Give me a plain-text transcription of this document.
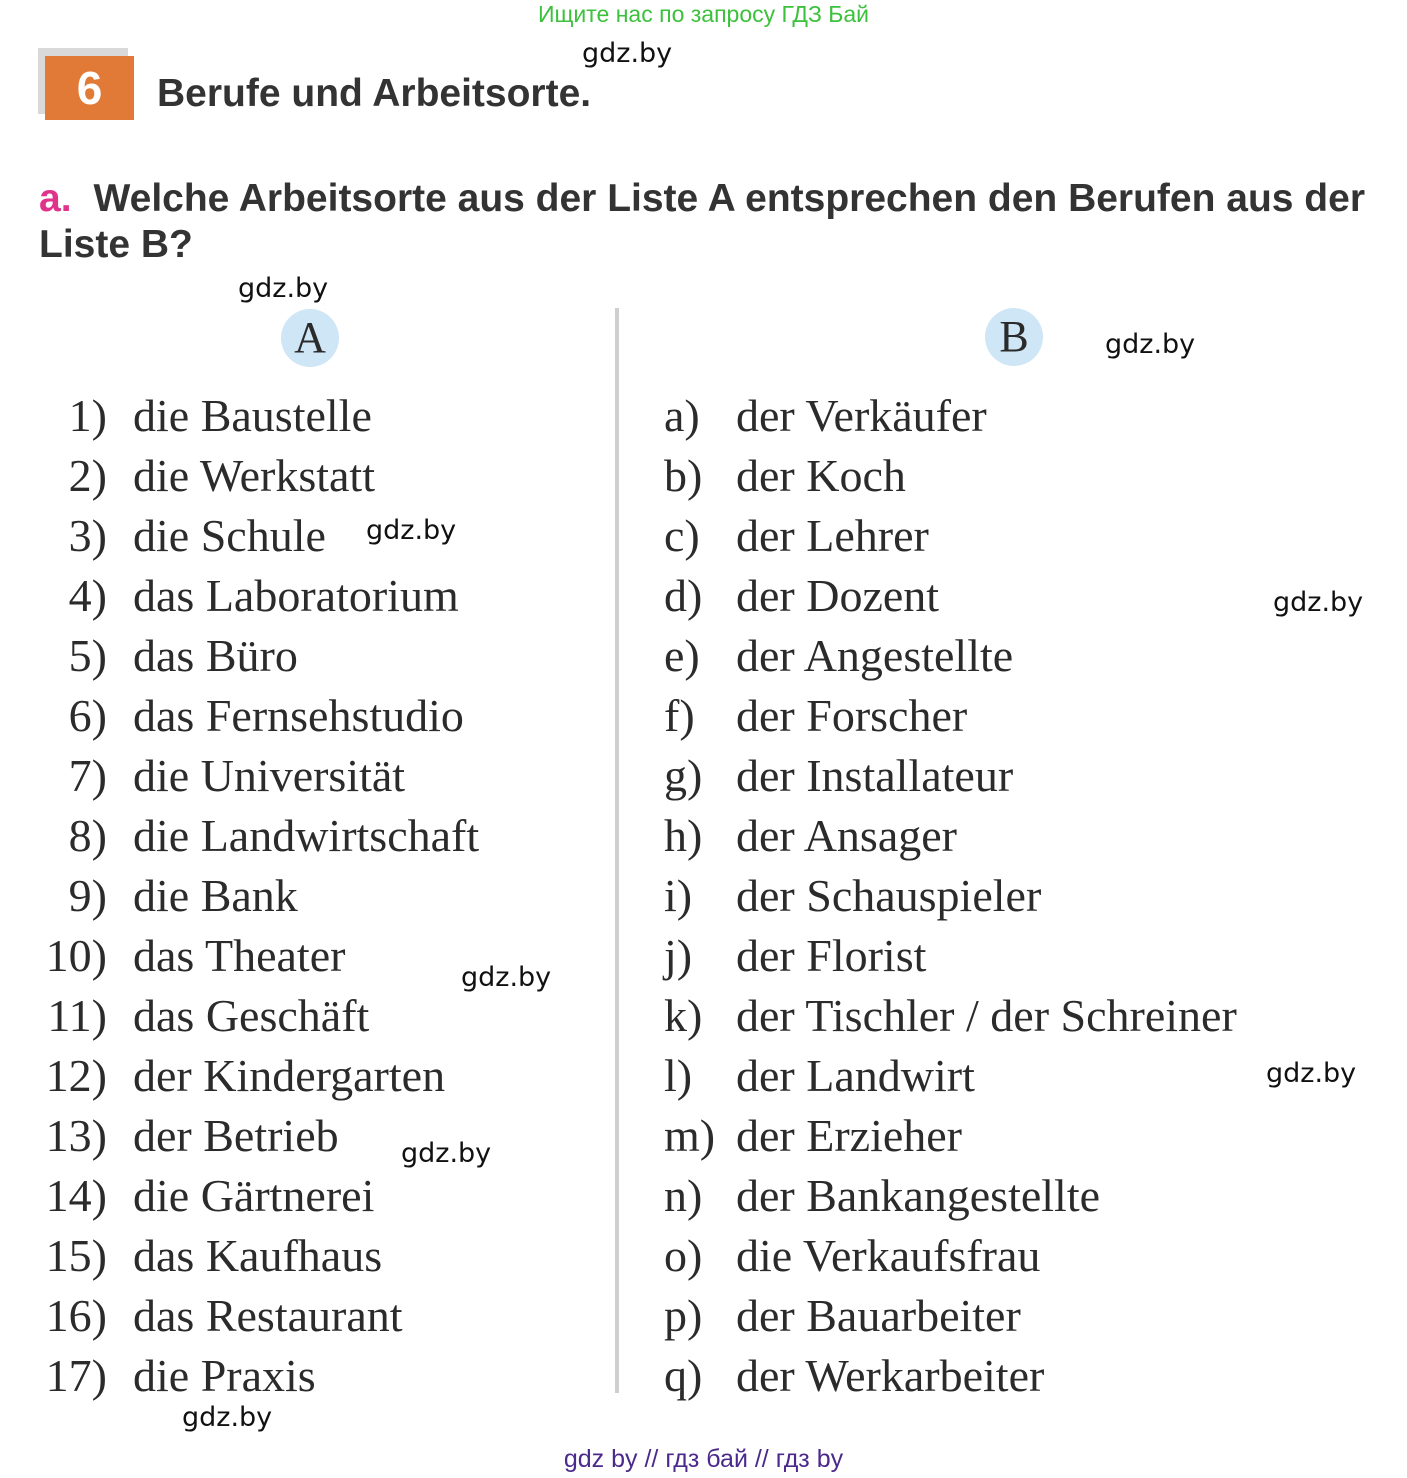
Ищите нас по запросу ГДЗ Бай
6	Berufe und Arbeitsorte.
a. Welche Arbeitsorte aus der Liste A entsprechen den Berufen aus der Liste B?
A	B
1) die Baustelle
2) die Werkstatt
3) die Schule
4) das Laboratorium
5) das Büro
6) das Fernsehstudio
7) die Universität
8) die Landwirtschaft
9) die Bank
10) das Theater
11) das Geschäft
12) der Kindergarten
13) der Betrieb
14) die Gärtnerei
15) das Kaufhaus
16) das Restaurant
17) die Praxis
a) der Verkäufer
b) der Koch
c) der Lehrer
d) der Dozent
e) der Angestellte
f) der Forscher
g) der Installateur
h) der Ansager
i) der Schauspieler
j) der Florist
k) der Tischler / der Schreiner
l) der Landwirt
m) der Erzieher
n) der Bankangestellte
o) die Verkaufsfrau
p) der Bauarbeiter
q) der Werkarbeiter
gdz.by
gdz.by
gdz.by
gdz.by
gdz.by
gdz.by
gdz.by
gdz.by
gdz.by
gdz by // гдз бай // гдз by
